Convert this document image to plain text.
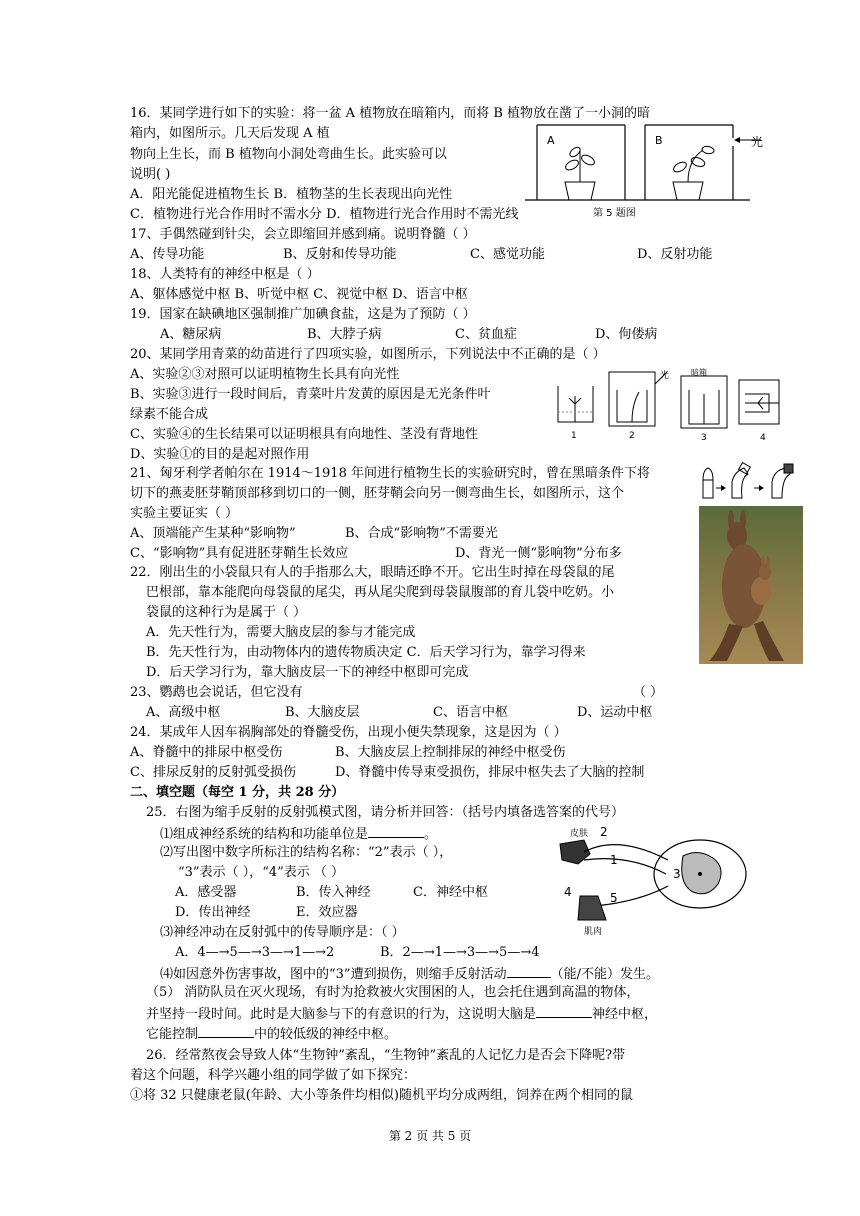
16．某同学进行如下的实验：将一盆 A 植物放在暗箱内，而将 B 植物放在凿了一小洞的暗
箱内，如图所示。几天后发现 A 植
物向上生长，而 B 植物向小洞处弯曲生长。此实验可以
说明( )
A．阳光能促进植物生长 B．植物茎的生长表现出向光性
C．植物进行光合作用时不需水分 D．植物进行光合作用时不需光线
A	B	光
第 5 题图
17、手偶然碰到针尖，会立即缩回并感到痛。说明脊髓（ ）
A、传导功能	B、反射和传导功能	C、感觉功能	D、反射功能
18、人类特有的神经中枢是（ ）
A、躯体感觉中枢 B、听觉中枢 C、视觉中枢 D、语言中枢
19．国家在缺碘地区强制推广加碘食盐，这是为了预防（ ）
A、糖尿病	B、大脖子病	C、贫血症	D、佝偻病
20、某同学用青菜的幼苗进行了四项实验，如图所示，下列说法中不正确的是（ ）
A、实验②③对照可以证明植物生长具有向光性
B、实验③进行一段时间后，青菜叶片发黄的原因是无光条件叶
绿素不能合成
C、实验④的生长结果可以证明根具有向地性、茎没有背地性
D、实验①的目的是起对照作用
1
光
2
暗箱
3	4
21、匈牙利学者帕尔在 1914～1918 年间进行植物生长的实验研究时，曾在黑暗条件下将
切下的燕麦胚芽鞘顶部移到切口的一侧，胚芽鞘会向另一侧弯曲生长，如图所示，这个
实验主要证实（ ）
A、顶端能产生某种“影响物”	B、合成“影响物”不需要光
C、“影响物”具有促进胚芽鞘生长效应	D、背光一侧“影响物”分布多
22．刚出生的小袋鼠只有人的手指那么大，眼睛还睁不开。它出生时掉在母袋鼠的尾
巴根部，靠本能爬向母袋鼠的尾尖，再从尾尖爬到母袋鼠腹部的育儿袋中吃奶。小
袋鼠的这种行为是属于（ ）
A．先天性行为，需要大脑皮层的参与才能完成
B．先天性行为，由动物体内的遗传物质决定 C．后天学习行为，靠学习得来
D．后天学习行为，靠大脑皮层一下的神经中枢即可完成
23、鹦鹉也会说话，但它没有	（ ）
A、高级中枢	B、大脑皮层	C、语言中枢	D、运动中枢
24．某成年人因车祸胸部处的脊髓受伤，出现小便失禁现象，这是因为（ ）
A、脊髓中的排尿中枢受伤	B、大脑皮层上控制排尿的神经中枢受伤
C、排尿反射的反射弧受损伤	D、脊髓中传导束受损伤，排尿中枢失去了大脑的控制
二、填空题（每空 1 分，共 28 分）
25．右图为缩手反射的反射弧模式图，请分析并回答：（括号内填备选答案的代号）
⑴组成神经系统的结构和功能单位是	。
⑵写出图中数字所标注的结构名称：“2”表示（ ），
“3”表示（ ），“4”表示 （ ）
A．感受器	B．传入神经	C．神经中枢
D．传出神经	E．效应器
⑶神经冲动在反射弧中的传导顺序是：（ ）
A．4—→5—→3—→1—→2	B．2—→1—→3—→5—→4
⑷如因意外伤害事故，图中的“3”遭到损伤，则缩手反射活动	（能/不能）发生。
（5） 消防队员在灭火现场，有时为抢救被火灾围困的人，也会托住遇到高温的物体，
并坚持一段时间。此时是大脑参与下的有意识的行为，这说明大脑是	神经中枢，
它能控制	中的较低级的神经中枢。
皮肤
肌肉
2
1
3
4	5
26．经常熬夜会导致人体“生物钟”紊乱，“生物钟”紊乱的人记忆力是否会下降呢?带
着这个问题，科学兴趣小组的同学做了如下探究：
①将 32 只健康老鼠(年龄、大小等条件均相似)随机平均分成两组，饲养在两个相同的鼠
第 2 页 共 5 页
